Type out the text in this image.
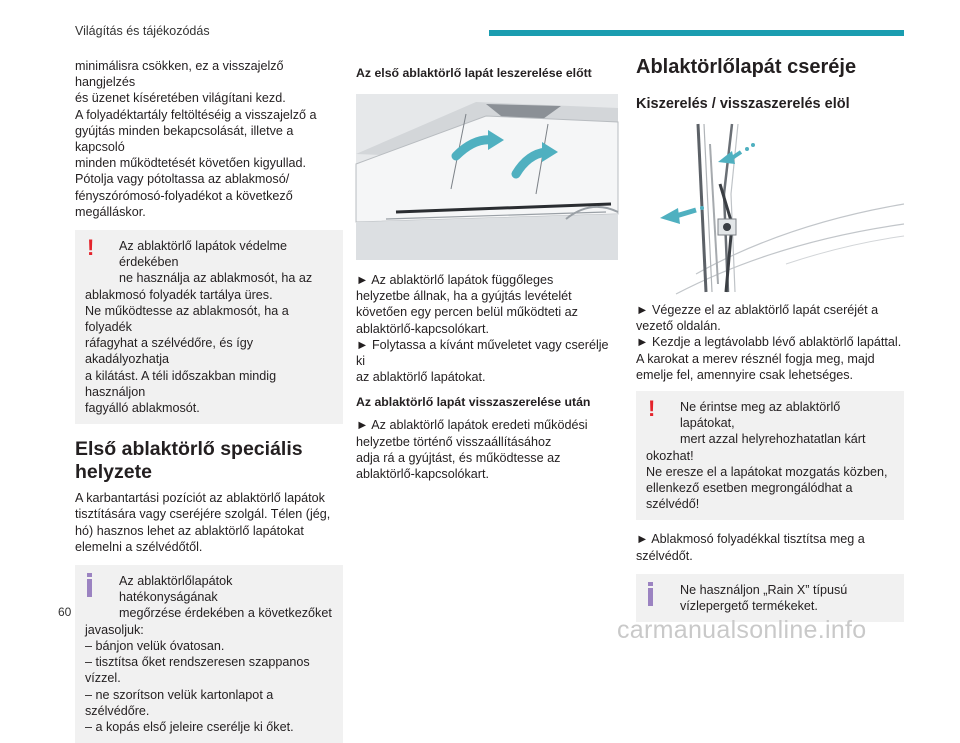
Világítás és tájékozódás

minimálisra csökken, ez a visszajelző hangjelzés
és üzenet kíséretében világítani kezd.
A folyadéktartály feltöltéséig a visszajelző a
gyújtás minden bekapcsolását, illetve a kapcsoló
minden működtetését követően kigyullad.
Pótolja vagy pótoltassa az ablakmosó/
fényszórómosó-folyadékot a következő
megálláskor.

!	Az ablaktörlő lapátok védelme érdekében
ne használja az ablakmosót, ha az
ablakmosó folyadék tartálya üres.
Ne működtesse az ablakmosót, ha a folyadék
ráfagyhat a szélvédőre, és így akadályozhatja
a kilátást. A téli időszakban mindig használjon
fagyálló ablakmosót.
Első ablaktörlő speciális
helyzete

A karbantartási pozíciót az ablaktörlő lapátok
tisztítására vagy cseréjére szolgál. Télen (jég,
hó) hasznos lehet az ablaktörlő lapátokat
elemelni a szélvédőtől.

Az ablaktörlőlapátok hatékonyságának
megőrzése érdekében a következőket
javasoljuk:
– bánjon velük óvatosan.
– tisztítsa őket rendszeresen szappanos
vízzel.
– ne szorítson velük kartonlapot a
szélvédőre.
– a kopás első jeleire cserélje ki őket.
Az első ablaktörlő lapát leszerelése előtt

► Az ablaktörlő lapátok függőleges
helyzetbe állnak, ha a gyújtás levételét
követően egy percen belül működteti az
ablaktörlő-kapcsolókart.
► Folytassa a kívánt műveletet vagy cserélje ki
az ablaktörlő lapátokat.

Az ablaktörlő lapát visszaszerelése után

► Az ablaktörlő lapátok eredeti működési
helyzetbe történő visszaállításához
adja rá a gyújtást, és működtesse az
ablaktörlő-kapcsolókart.

Ablaktörlőlapát cseréje
Kiszerelés / visszaszerelés elöl

► Végezze el az ablaktörlő lapát cseréjét a
vezető oldalán.
► Kezdje a legtávolabb lévő ablaktörlő lapáttal.
A karokat a merev résznél fogja meg, majd
emelje fel, amennyire csak lehetséges.

!	Ne érintse meg az ablaktörlő lapátokat,
mert azzal helyrehozhatatlan kárt
okozhat!
Ne eresze el a lapátokat mozgatás közben,
ellenkező esetben megrongálódhat a
szélvédő!

► Ablakmosó folyadékkal tisztítsa meg a
szélvédőt.

Ne használjon „Rain X” típusú
vízlepergető termékeket.
60
carmanualsonline.info
